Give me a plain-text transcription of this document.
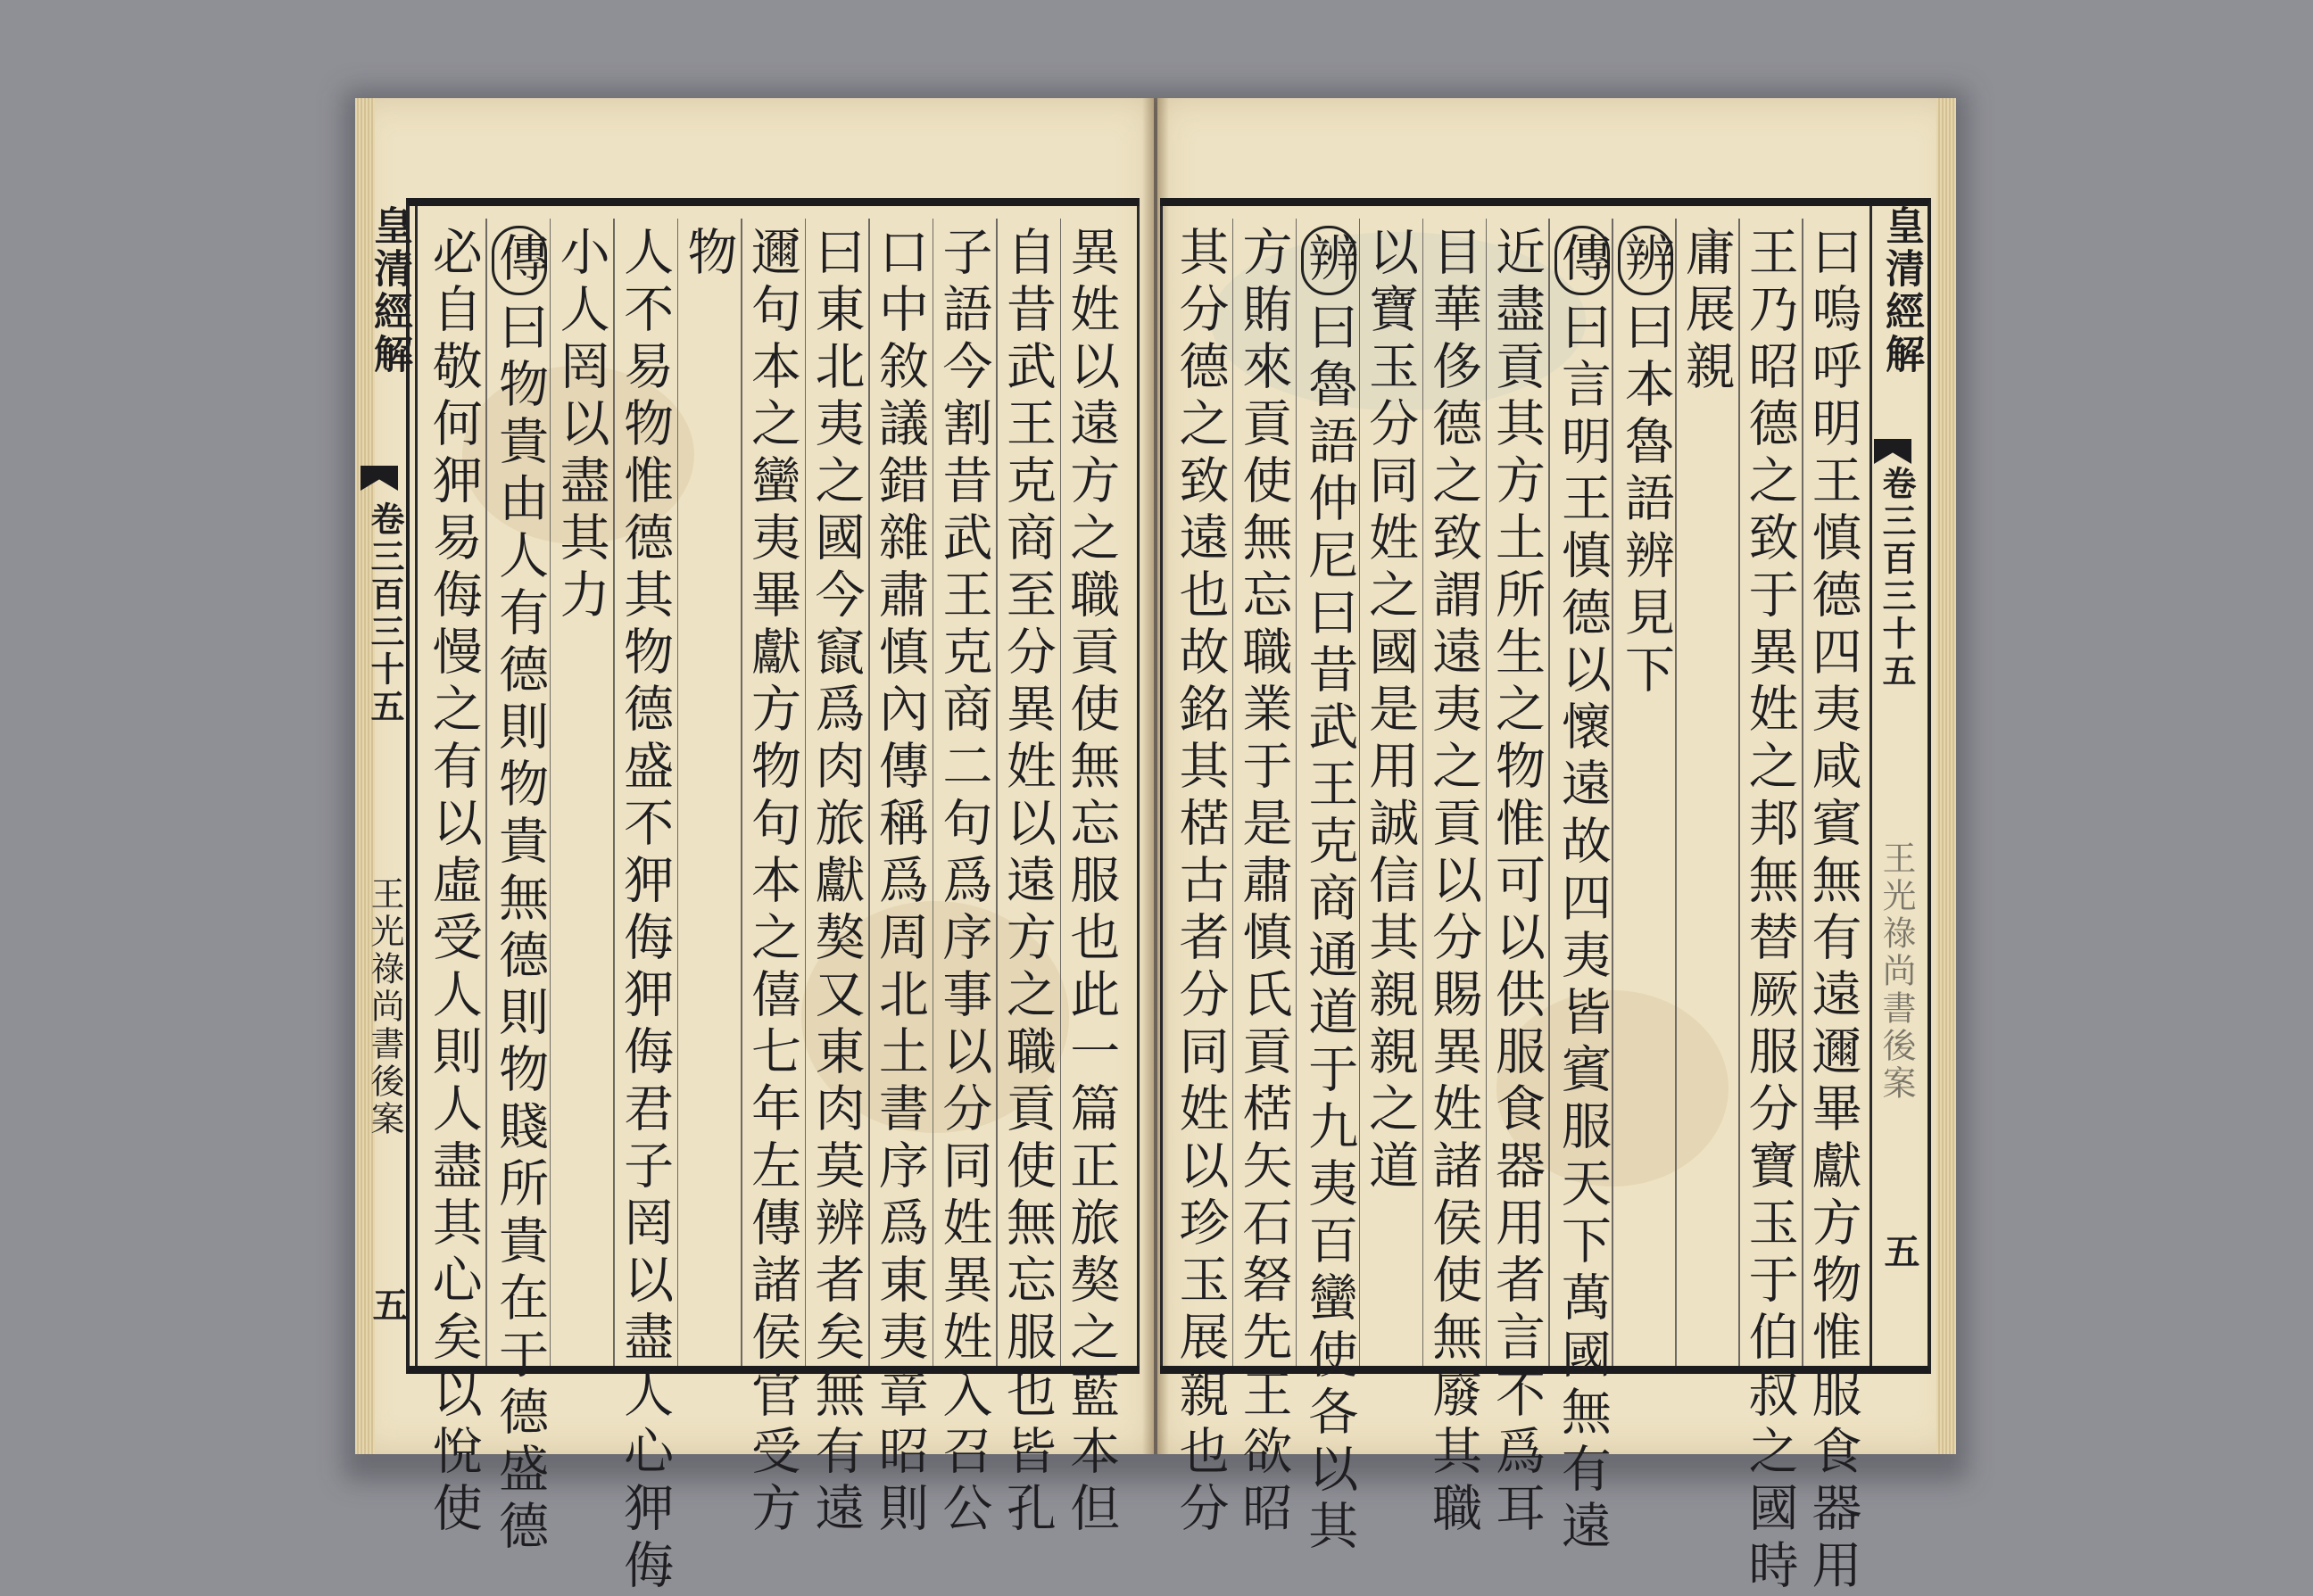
皇清經解
卷三百三十五
王光祿尚書後案
五	異姓以遠方之職貢使無忘服也此一篇正旅獒之藍本但
自昔武王克商至分異姓以遠方之職貢使無忘服也皆孔
子語今割昔武王克商二句爲序事以分同姓異姓入召公
口中敘議錯雜肅慎內傳稱爲周北土書序爲東夷章昭則
曰東北夷之國今竄爲肉旅獻獒又東肉莫辨者矣無有遠
邇句本之蠻夷畢獻方物句本之僖七年左傳諸侯官受方
物
人不易物惟德其物德盛不狎侮狎侮君子罔以盡人心狎侮
小人罔以盡其力
傳曰物貴由人有德則物貴無德則物賤所貴在于德盛德
必自敬何狎易侮慢之有以虛受人則人盡其心矣以悅使	曰嗚呼明王慎德四夷咸賓無有遠邇畢獻方物惟服食器用
王乃昭德之致于異姓之邦無替厥服分寶玉于伯叔之國時
庸展親
辨曰本魯語辨見下
傳曰言明王慎德以懷遠故四夷皆賓服天下萬國無有遠
近盡貢其方土所生之物惟可以供服食器用者言不爲耳
目華侈德之致謂遠夷之貢以分賜異姓諸侯使無廢其職
以寶玉分同姓之國是用誠信其親親之道
辨曰魯語仲尼曰昔武王克商通道于九夷百蠻使各以其
方賄來貢使無忘職業于是肅慎氏貢楛矢石砮先王欲昭
其分德之致遠也故銘其楛古者分同姓以珍玉展親也分	皇清經解
卷三百三十五
王光祿尚書後案
五
